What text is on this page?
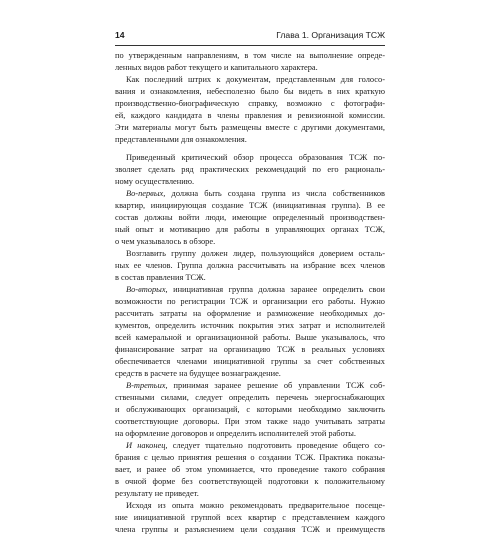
14	Глава 1. Организация ТСЖ
по утвержденным направлениям, в том числе на выполнение опреде-
ленных видов работ текущего и капитального характера.
Как последний штрих к документам, представленным для голосо-
вания и ознакомления, небесполезно было бы видеть в них краткую
производственно-биографическую справку, возможно с фотографи-
ей, каждого кандидата в члены правления и ревизионной комиссии.
Эти материалы могут быть размещены вместе с другими документами,
представленными для ознакомления.
Приведенный критический обзор процесса образования ТСЖ по-
зволяет сделать ряд практических рекомендаций по его рациональ-
ному осуществлению.
Во-первых, должна быть создана группа из числа собственников
квартир, инициирующая создание ТСЖ (инициативная группа). В ее
состав должны войти люди, имеющие определенный производствен-
ный опыт и мотивацию для работы в управляющих органах ТСЖ,
о чем указывалось в обзоре.
Возглавить группу должен лидер, пользующийся доверием осталь-
ных ее членов. Группа должна рассчитывать на избрание всех членов
в состав правления ТСЖ.
Во-вторых, инициативная группа должна заранее определить свои
возможности по регистрации ТСЖ и организации его работы. Нужно
рассчитать затраты на оформление и размножение необходимых до-
кументов, определить источник покрытия этих затрат и исполнителей
всей камеральной и организационной работы. Выше указывалось, что
финансирование затрат на организацию ТСЖ в реальных условиях
обеспечивается членами инициативной группы за счет собственных
средств в расчете на будущее вознаграждение.
В-третьих, принимая заранее решение об управлении ТСЖ соб-
ственными силами, следует определить перечень энергоснабжающих
и обслуживающих организаций, с которыми необходимо заключить
соответствующие договоры. При этом также надо учитывать затраты
на оформление договоров и определить исполнителей этой работы.
И наконец, следует тщательно подготовить проведение общего со-
брания с целью принятия решения о создании ТСЖ. Практика показы-
вает, и ранее об этом упоминается, что проведение такого собрания
в очной форме без соответствующей подготовки к положительному
результату не приведет.
Исходя из опыта можно рекомендовать предварительное посеще-
ние инициативной группой всех квартир с представлением каждого
члена группы и разъяснением цели создания ТСЖ и преимуществ
